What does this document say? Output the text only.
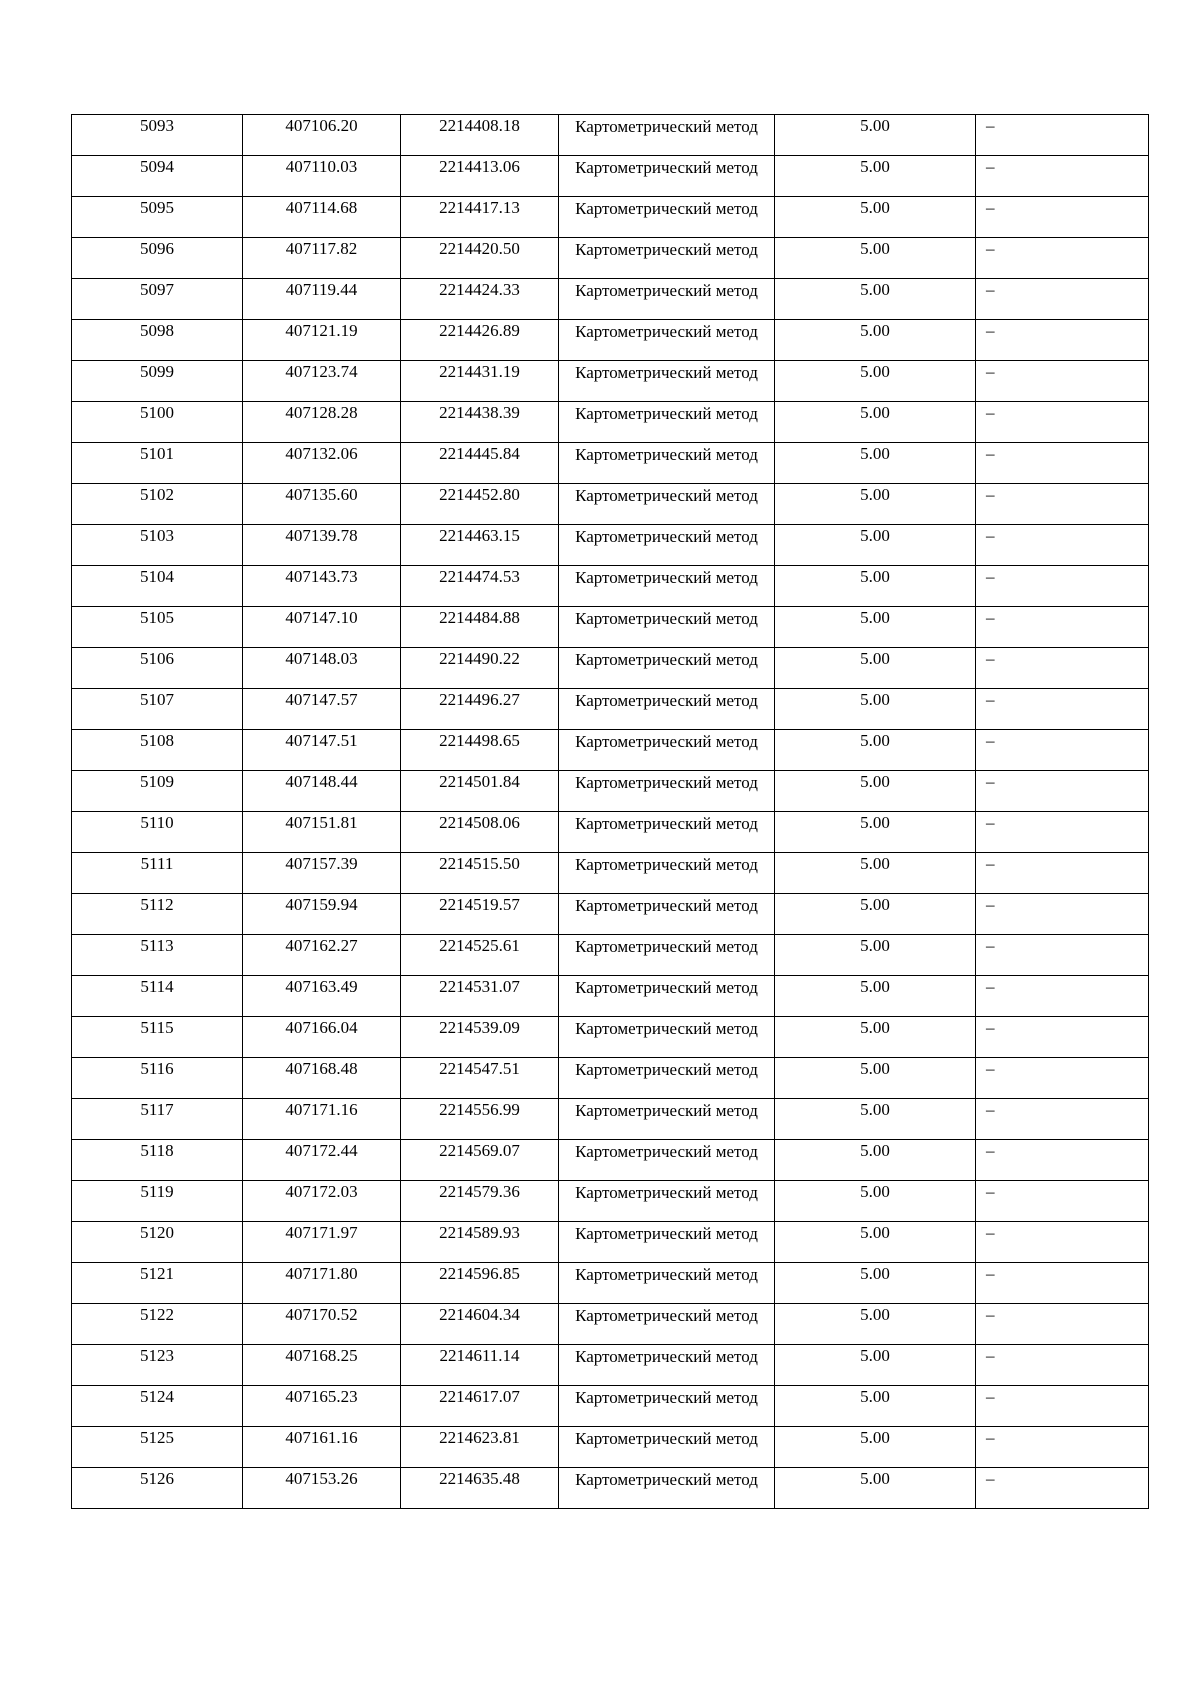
5093	407106.20	2214408.18	Картометрический метод	5.00	–

5094	407110.03	2214413.06	Картометрический метод	5.00	–

5095	407114.68	2214417.13	Картометрический метод	5.00	–

5096	407117.82	2214420.50	Картометрический метод	5.00	–

5097	407119.44	2214424.33	Картометрический метод	5.00	–

5098	407121.19	2214426.89	Картометрический метод	5.00	–

5099	407123.74	2214431.19	Картометрический метод	5.00	–

5100	407128.28	2214438.39	Картометрический метод	5.00	–

5101	407132.06	2214445.84	Картометрический метод	5.00	–

5102	407135.60	2214452.80	Картометрический метод	5.00	–

5103	407139.78	2214463.15	Картометрический метод	5.00	–

5104	407143.73	2214474.53	Картометрический метод	5.00	–

5105	407147.10	2214484.88	Картометрический метод	5.00	–

5106	407148.03	2214490.22	Картометрический метод	5.00	–

5107	407147.57	2214496.27	Картометрический метод	5.00	–

5108	407147.51	2214498.65	Картометрический метод	5.00	–

5109	407148.44	2214501.84	Картометрический метод	5.00	–

5110	407151.81	2214508.06	Картометрический метод	5.00	–

5111	407157.39	2214515.50	Картометрический метод	5.00	–

5112	407159.94	2214519.57	Картометрический метод	5.00	–

5113	407162.27	2214525.61	Картометрический метод	5.00	–

5114	407163.49	2214531.07	Картометрический метод	5.00	–

5115	407166.04	2214539.09	Картометрический метод	5.00	–

5116	407168.48	2214547.51	Картометрический метод	5.00	–

5117	407171.16	2214556.99	Картометрический метод	5.00	–

5118	407172.44	2214569.07	Картометрический метод	5.00	–

5119	407172.03	2214579.36	Картометрический метод	5.00	–

5120	407171.97	2214589.93	Картометрический метод	5.00	–

5121	407171.80	2214596.85	Картометрический метод	5.00	–

5122	407170.52	2214604.34	Картометрический метод	5.00	–

5123	407168.25	2214611.14	Картометрический метод	5.00	–

5124	407165.23	2214617.07	Картометрический метод	5.00	–

5125	407161.16	2214623.81	Картометрический метод	5.00	–

5126	407153.26	2214635.48	Картометрический метод	5.00	–
